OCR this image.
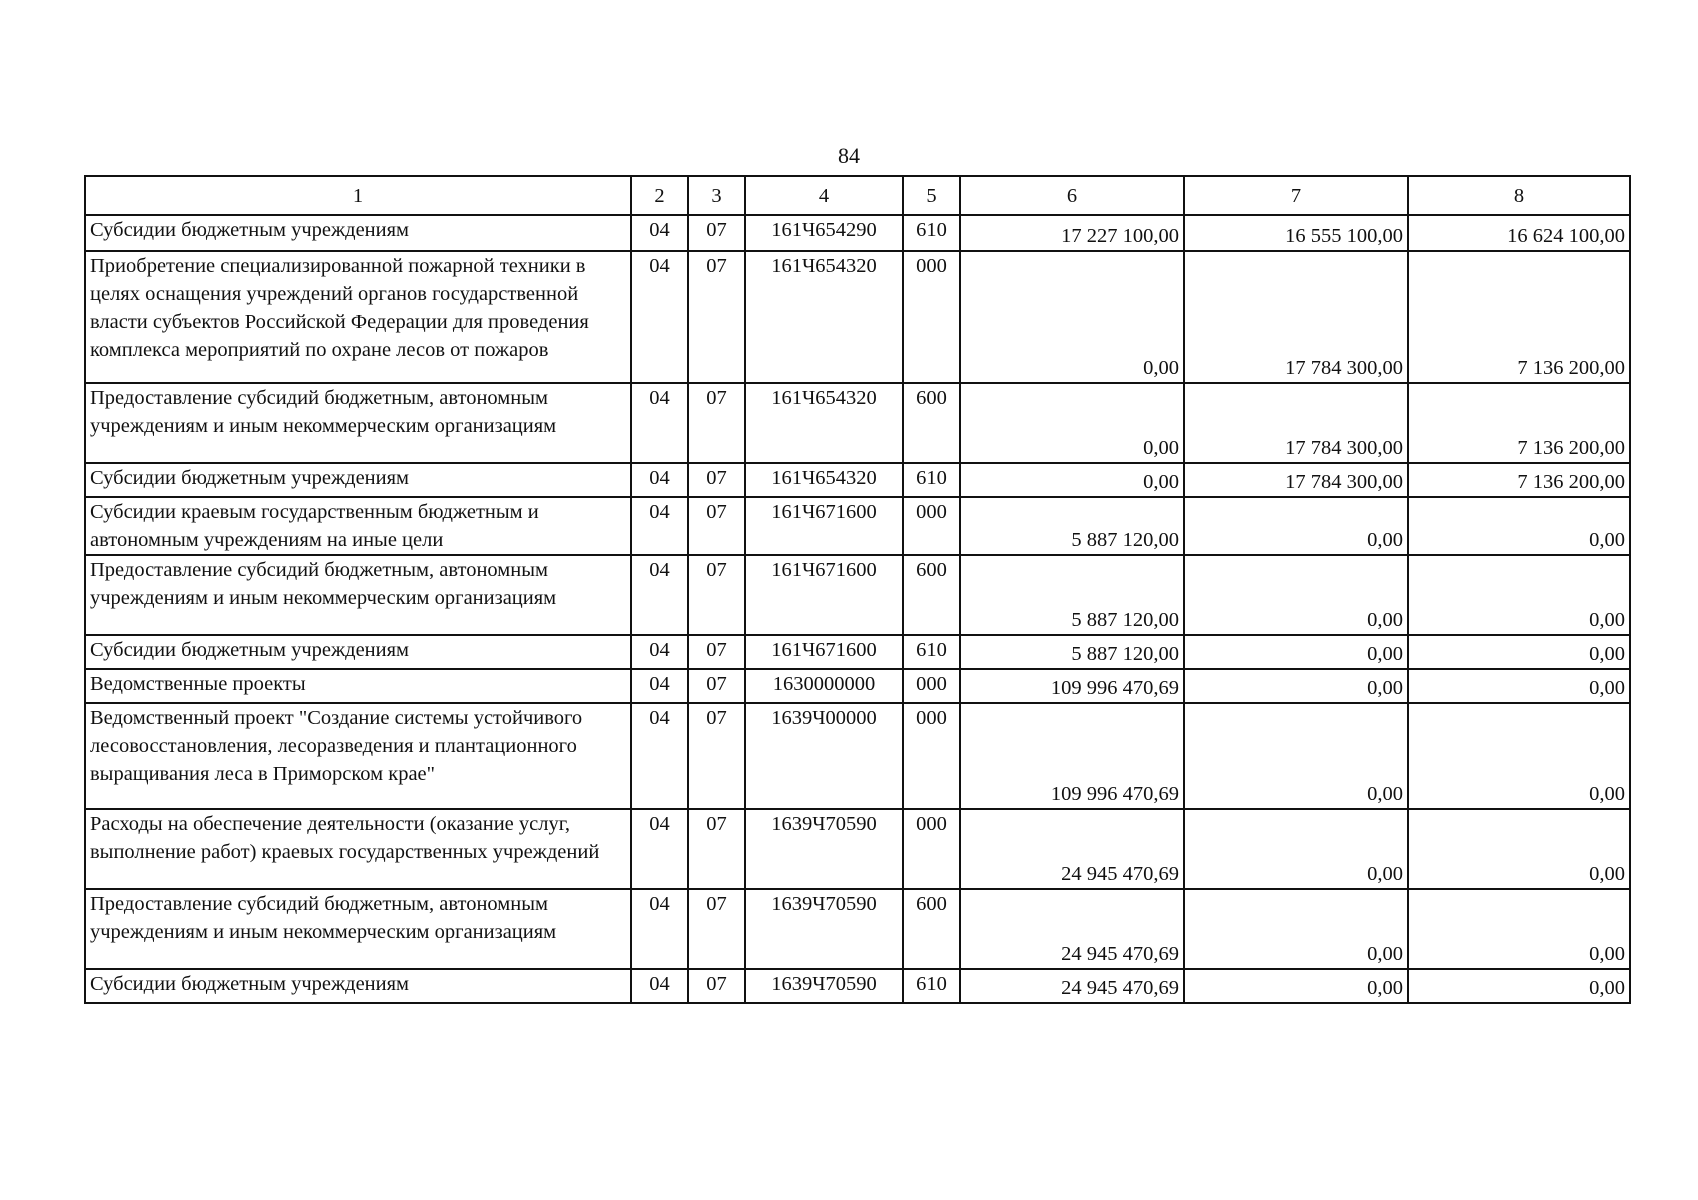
84
1	2	3	4	5	6	7	8
Субсидии бюджетным учреждениям	04	07	161Ч654290	610	17 227 100,00	16 555 100,00	16 624 100,00
Приобретение специализированной пожарной техники в целях оснащения учреждений органов государственной власти субъектов Российской Федерации для проведения комплекса мероприятий по охране лесов от пожаров	04	07	161Ч654320	000	0,00	17 784 300,00	7 136 200,00
Предоставление субсидий бюджетным, автономным учреждениям и иным некоммерческим организациям	04	07	161Ч654320	600	0,00	17 784 300,00	7 136 200,00
Субсидии бюджетным учреждениям	04	07	161Ч654320	610	0,00	17 784 300,00	7 136 200,00
Субсидии краевым государственным бюджетным и автономным учреждениям на иные цели	04	07	161Ч671600	000	5 887 120,00	0,00	0,00
Предоставление субсидий бюджетным, автономным учреждениям и иным некоммерческим организациям	04	07	161Ч671600	600	5 887 120,00	0,00	0,00
Субсидии бюджетным учреждениям	04	07	161Ч671600	610	5 887 120,00	0,00	0,00
Ведомственные проекты	04	07	1630000000	000	109 996 470,69	0,00	0,00
Ведомственный проект "Создание системы устойчивого лесовосстановления, лесоразведения и плантационного выращивания леса в Приморском крае"	04	07	1639Ч00000	000	109 996 470,69	0,00	0,00
Расходы на обеспечение деятельности (оказание услуг, выполнение работ) краевых государственных учреждений	04	07	1639Ч70590	000	24 945 470,69	0,00	0,00
Предоставление субсидий бюджетным, автономным учреждениям и иным некоммерческим организациям	04	07	1639Ч70590	600	24 945 470,69	0,00	0,00
Субсидии бюджетным учреждениям	04	07	1639Ч70590	610	24 945 470,69	0,00	0,00
